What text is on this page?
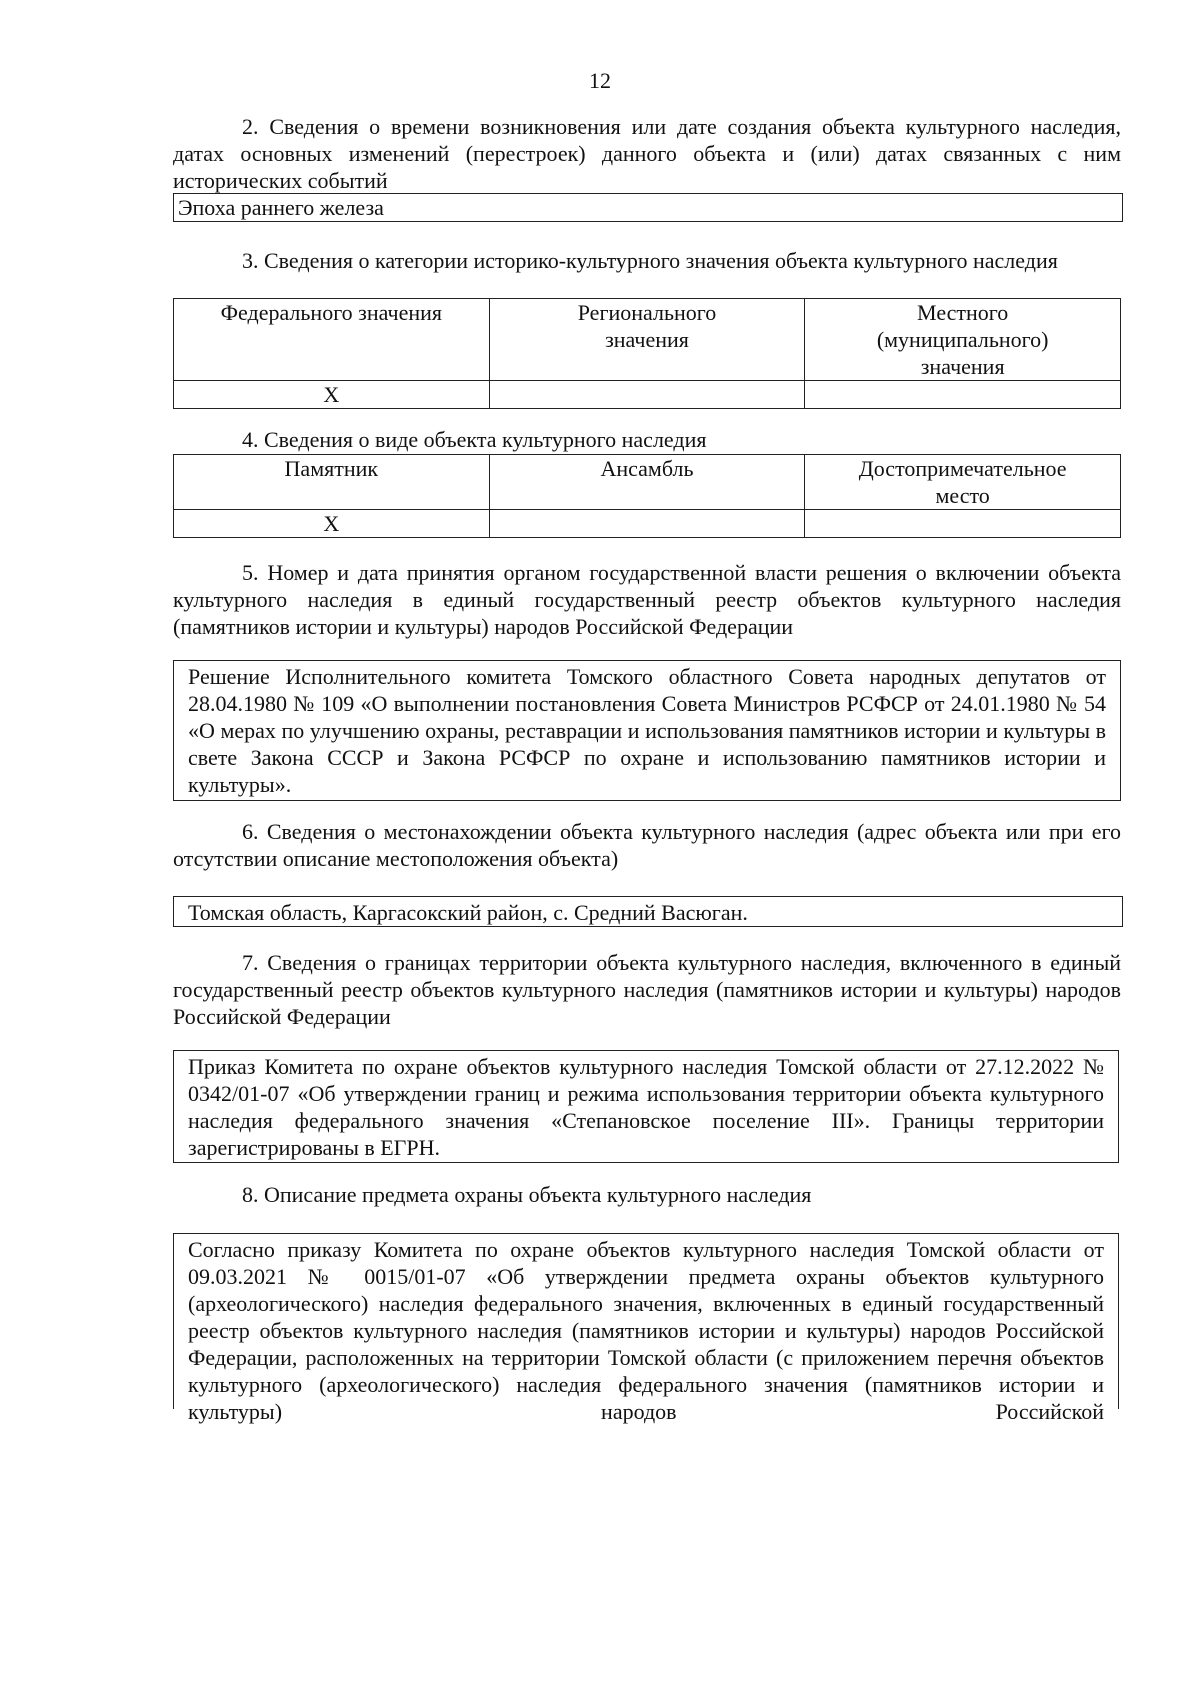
12

2. Сведения о времени возникновения или дате создания объекта культурного наследия, датах основных изменений (перестроек) данного объекта и (или) датах связанных с ним исторических событий

Эпоха раннего железа

3. Сведения о категории историко-культурного значения объекта культурного наследия

Федерального значения	Регионального значения	Местного (муниципального) значения
Х		

4. Сведения о виде объекта культурного наследия

Памятник	Ансамбль	Достопримечательное место
Х		

5. Номер и дата принятия органом государственной власти решения о включении объекта культурного наследия в единый государственный реестр объектов культурного наследия (памятников истории и культуры) народов Российской Федерации

Решение Исполнительного комитета Томского областного Совета народных депутатов от 28.04.1980 № 109 «О выполнении постановления Совета Министров РСФСР от 24.01.1980 № 54 «О мерах по улучшению охраны, реставрации и использования памятников истории и культуры в свете Закона СССР и Закона РСФСР по охране и использованию памятников истории и культуры».

6. Сведения о местонахождении объекта культурного наследия (адрес объекта или при его отсутствии описание местоположения объекта)

Томская область, Каргасокский район, с. Средний Васюган.

7. Сведения о границах территории объекта культурного наследия, включенного в единый государственный реестр объектов культурного наследия (памятников истории и культуры) народов Российской Федерации

Приказ Комитета по охране объектов культурного наследия Томской области от 27.12.2022 № 0342/01-07 «Об утверждении границ и режима использования территории объекта культурного наследия федерального значения «Степановское поселение III». Границы территории зарегистрированы в ЕГРН.

8. Описание предмета охраны объекта культурного наследия

Согласно приказу Комитета по охране объектов культурного наследия Томской области от 09.03.2021 № 0015/01-07 «Об утверждении предмета охраны объектов культурного (археологического) наследия федерального значения, включенных в единый государственный реестр объектов культурного наследия (памятников истории и культуры) народов Российской Федерации, расположенных на территории Томской области (с приложением перечня объектов культурного (археологического) наследия федерального значения (памятников истории и культуры) народов Российской
